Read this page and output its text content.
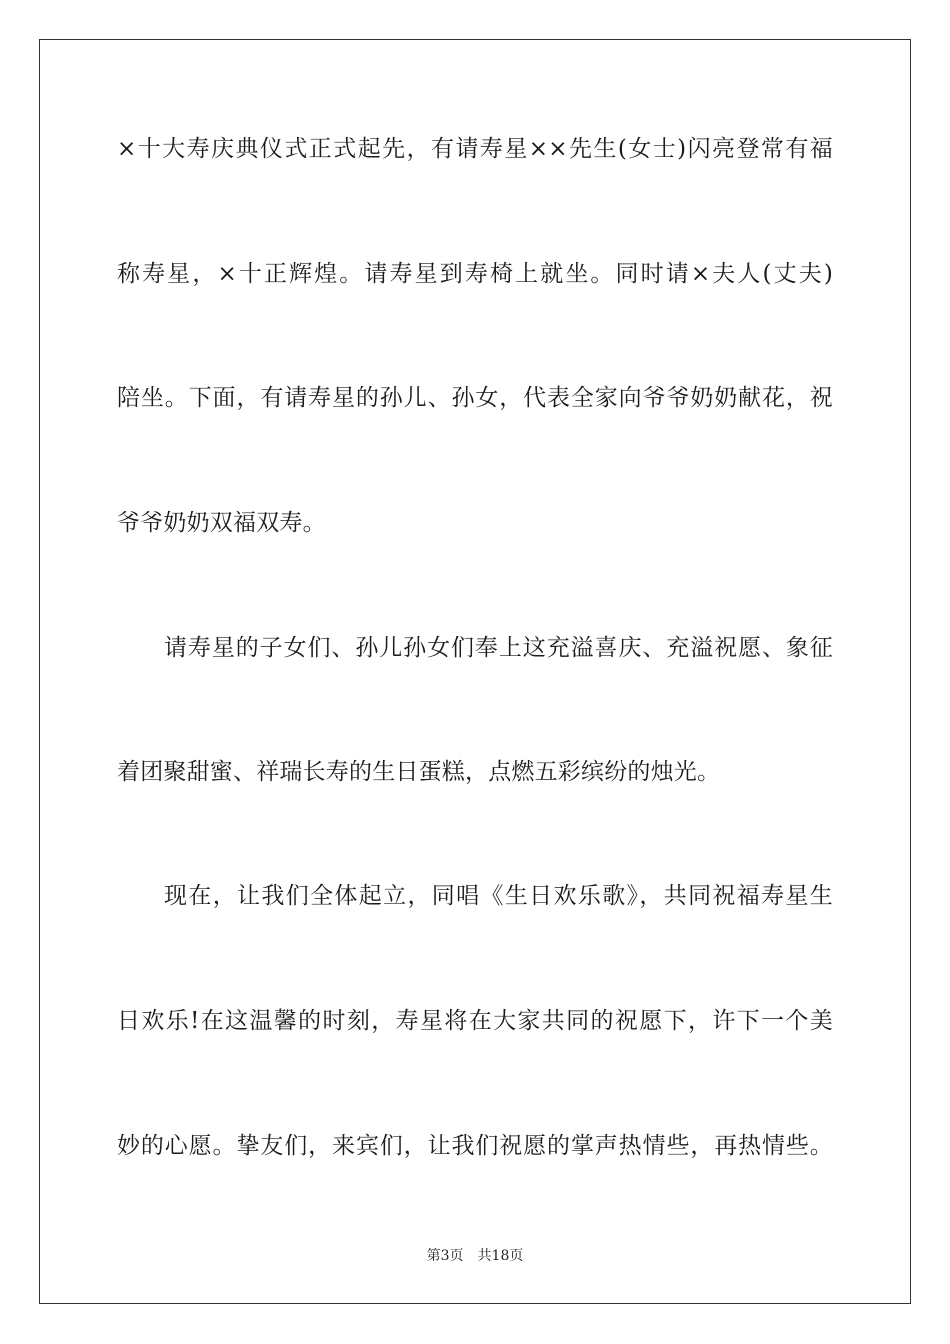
×十大寿庆典仪式正式起先，有请寿星××先生(女士)闪亮登常有福
称寿星，×十正辉煌。请寿星到寿椅上就坐。同时请×夫人(丈夫)
陪坐。下面，有请寿星的孙儿、孙女，代表全家向爷爷奶奶献花，祝
爷爷奶奶双福双寿。
请寿星的子女们、孙儿孙女们奉上这充溢喜庆、充溢祝愿、象征
着团聚甜蜜、祥瑞长寿的生日蛋糕，点燃五彩缤纷的烛光。
现在，让我们全体起立，同唱《生日欢乐歌》，共同祝福寿星生
日欢乐!在这温馨的时刻，寿星将在大家共同的祝愿下，许下一个美
妙的心愿。挚友们，来宾们，让我们祝愿的掌声热情些，再热情些。
第3页 共18页
